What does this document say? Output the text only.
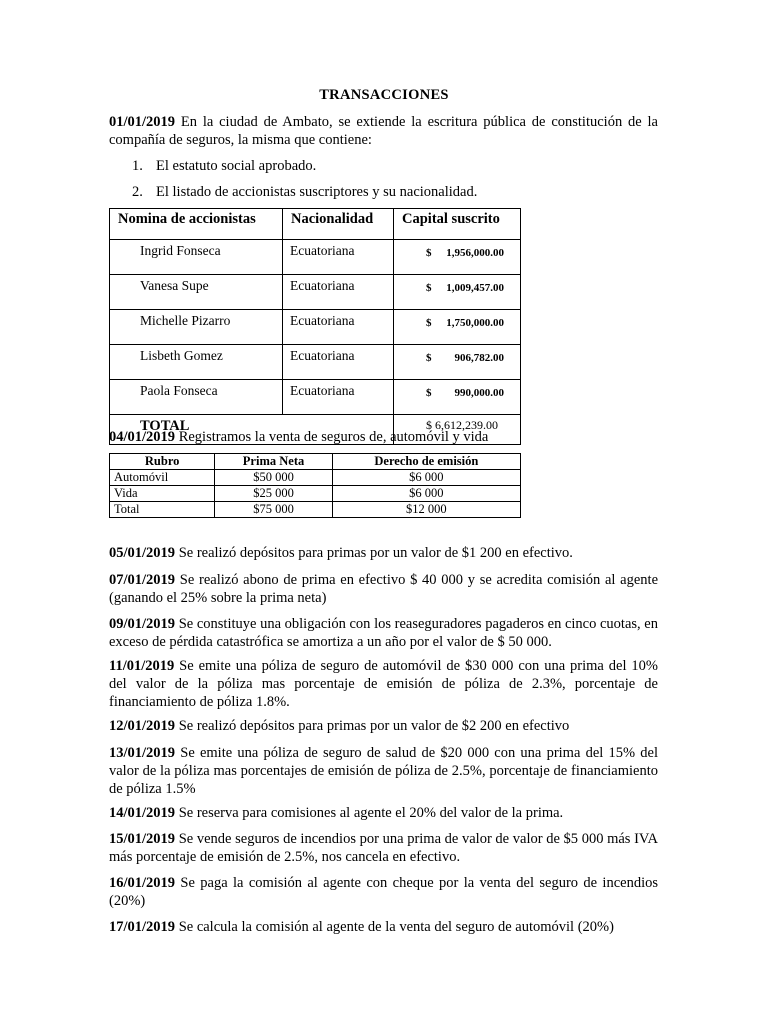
TRANSACCIONES
01/01/2019 En la ciudad de Ambato, se extiende la escritura pública de constitución de la compañía de seguros, la misma que contiene:
1. El estatuto social aprobado.
2. El listado de accionistas suscriptores y su nacionalidad.
Nomina de accionistas	Nacionalidad	Capital suscrito
Ingrid Fonseca	Ecuatoriana	$ 1,956,000.00

Vanesa Supe	Ecuatoriana	$ 1,009,457.00

Michelle Pizarro	Ecuatoriana	$ 1,750,000.00

Lisbeth Gomez	Ecuatoriana	$ 906,782.00

Paola Fonseca	Ecuatoriana	$ 990,000.00

TOTAL		$ 6,612,239.00
04/01/2019 Registramos la venta de seguros de, automóvil y vida
Rubro	Prima Neta	Derecho de emisión
Automóvil	$50 000	$6 000
Vida	$25 000	$6 000
Total	$75 000	$12 000
05/01/2019 Se realizó depósitos para primas por un valor de $1 200 en efectivo.
07/01/2019 Se realizó abono de prima en efectivo $ 40 000 y se acredita comisión al agente (ganando el 25% sobre la prima neta)
09/01/2019 Se constituye una obligación con los reaseguradores pagaderos en cinco cuotas, en exceso de pérdida catastrófica se amortiza a un año por el valor de $ 50 000.
11/01/2019 Se emite una póliza de seguro de automóvil de $30 000 con una prima del 10% del valor de la póliza mas porcentaje de emisión de póliza de 2.3%, porcentaje de financiamiento de póliza 1.8%.
12/01/2019 Se realizó depósitos para primas por un valor de $2 200 en efectivo
13/01/2019 Se emite una póliza de seguro de salud de $20 000 con una prima del 15% del valor de la póliza mas porcentajes de emisión de póliza de 2.5%, porcentaje de financiamiento de póliza 1.5%
14/01/2019 Se reserva para comisiones al agente el 20% del valor de la prima.
15/01/2019 Se vende seguros de incendios por una prima de valor de valor de $5 000 más IVA más porcentaje de emisión de 2.5%, nos cancela en efectivo.
16/01/2019 Se paga la comisión al agente con cheque por la venta del seguro de incendios (20%)
17/01/2019 Se calcula la comisión al agente de la venta del seguro de automóvil (20%)
